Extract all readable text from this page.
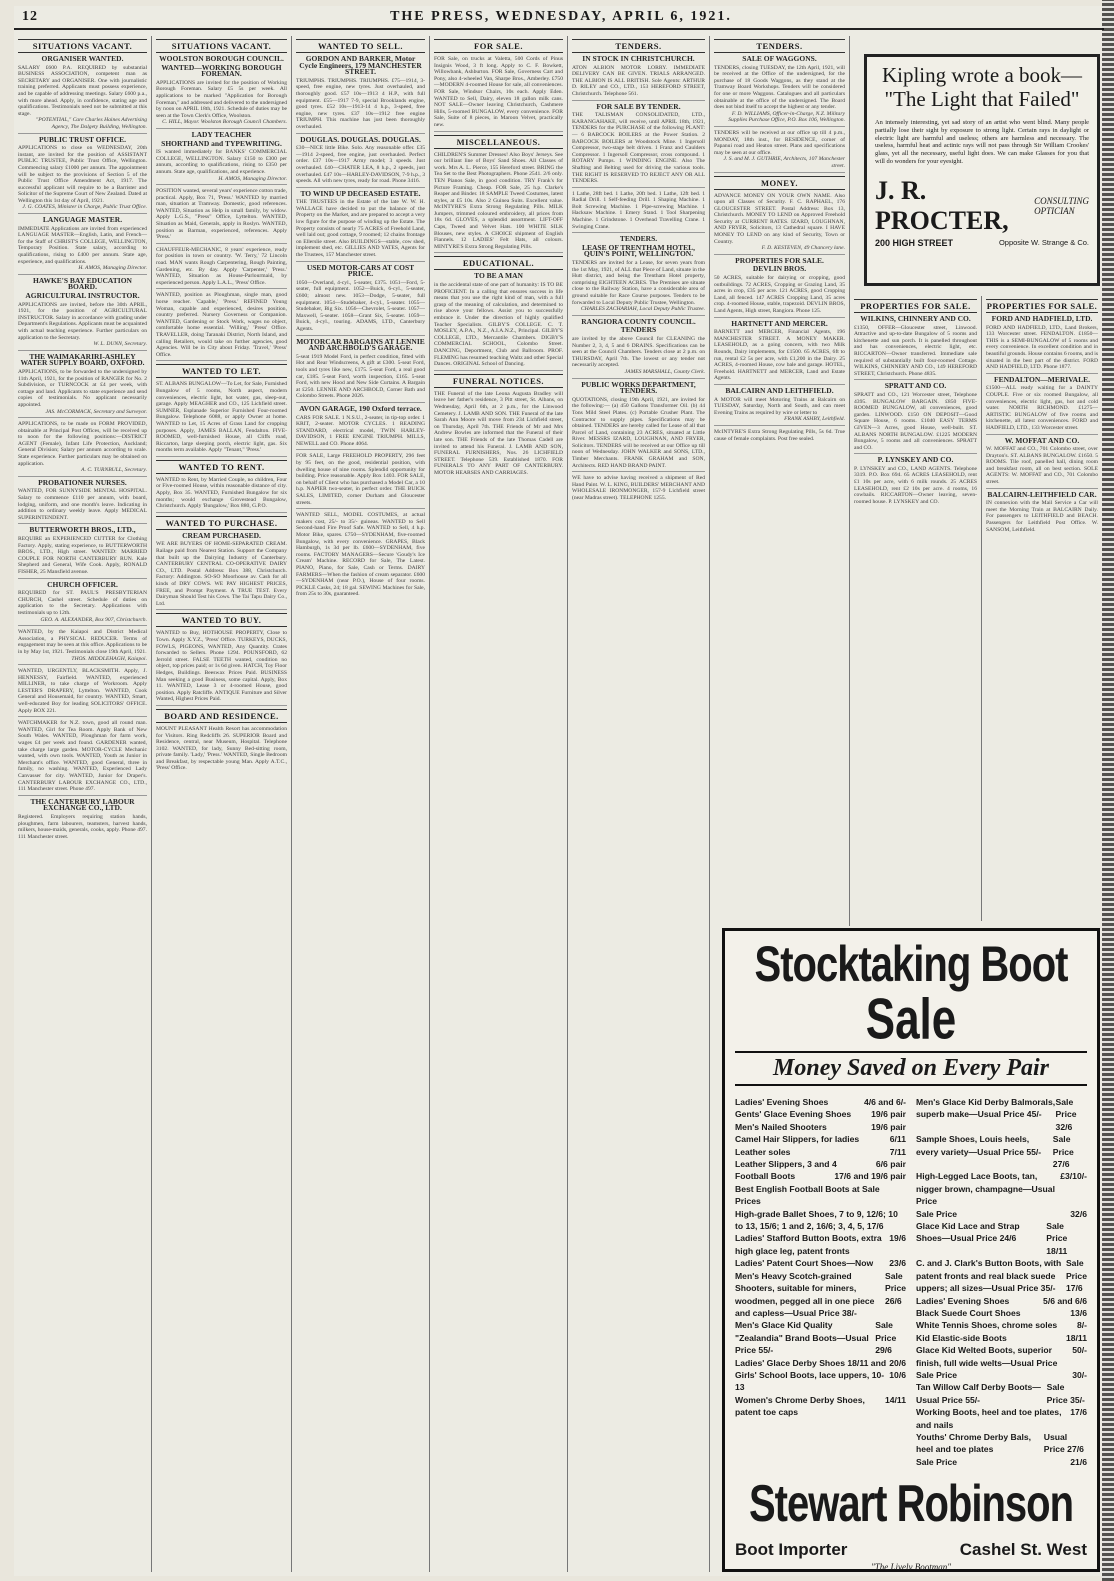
12	THE PRESS, WEDNESDAY, APRIL 6, 1921.
SITUATIONS VACANT.
ORGANISER WANTED.
SALARY £600 P.A. REQUIRED by substantial BUSINESS ASSOCIATION, competent man as SECRETARY and ORGANISER. One with journalistic training preferred. Applicants must possess experience, and be capable of addressing meetings. Salary £600 p.a., with more ahead. Apply, in confidence, stating age and qualifications. Testimonials need not be submitted at this stage.
"POTENTIAL," Care Charles Haines Advertising Agency, The Dalgety Building, Wellington.
PUBLIC TRUST OFFICE.
APPLICATIONS to close on WEDNESDAY, 20th instant, are invited for the position of ASSISTANT PUBLIC TRUSTEE, Public Trust Office, Wellington. Commencing salary £1000 per annum. The appointment will be subject to the provisions of Section 5 of the Public Trust Office Amendment Act, 1917. The successful applicant will require to be a Barrister and Solicitor of the Supreme Court of New Zealand. Dated at Wellington this 1st day of April, 1921.
J. G. COATES, Minister in Charge, Public Trust Office.
LANGUAGE MASTER.
IMMEDIATE Applications are invited from experienced LANGUAGE MASTER—English, Latin, and French—for the Staff of CHRIST'S COLLEGE, WELLINGTON, Temporary Position. State salary, according to qualifications, rising to £400 per annum. State age, experience, and qualifications.
H. AMOS, Managing Director.
HAWKE'S BAY EDUCATION BOARD.
AGRICULTURAL INSTRUCTOR.
APPLICATIONS are invited, before the 30th APRIL, 1921, for the position of AGRICULTURAL INSTRUCTOR. Salary in accordance with grading under Department's Regulations. Applicants must be acquainted with actual teaching experience. Further particulars on application to the Secretary.
W. L. DUNN, Secretary.
THE WAIMAKARIRI-ASHLEY WATER SUPPLY BOARD, OXFORD.
APPLICATIONS, to be forwarded to the undersigned by 11th April, 1921, for the position of RANGER for No. 2 Subdivision, or TURNCOCK at £4 per week, with cottage and land. Applicants to state experience and send copies of testimonials. No applicant necessarily appointed.
JAS. McCORMACK, Secretary and Surveyor.
APPLICATIONS, to be made on FORM PROVIDED, obtainable at Principal Post Offices, will be received up to noon for the following positions:—DISTRICT AGENT (Female), Infant Life Protection, Auckland; General Division; Salary per annum according to scale. State experience. Further particulars may be obtained on application.
A. C. TURNBULL, Secretary.
PROBATIONER NURSES.
WANTED, FOR SUNNYSIDE MENTAL HOSPITAL. Salary to commence £110 per annum, with board, lodging, uniform, and one month's leave. Indicating in addition to ordinary weekly leave. Apply MEDICAL SUPERINTENDENT.
BUTTERWORTH BROS., LTD.,
REQUIRE an EXPERIENCED CUTTER for Clothing Factory. Apply, stating experience, to BUTTERWORTH BROS., LTD., High street. WANTED: MARRIED COUPLE FOR NORTH CANTERBURY RUN. Kale Shepherd and General, Wife Cook. Apply, RONALD FISHER, 25 Mansfield avenue.
CHURCH OFFICER.
REQUIRED for ST. PAUL'S PRESBYTERIAN CHURCH, Cashel street. Schedule of duties on application to the Secretary. Applications with testimonials up to 12th.
GEO. A. ALEXANDER, Box 907, Christchurch.
WANTED, by the Kaiapoi and District Medical Association, a PHYSICAL REDUCER. Terms of engagement may be seen at this office. Applications to be in by May 1st, 1921. Testimonials close 19th April, 1921.
THOS. MIDDLEHAGH, Kaiapoi.
WANTED, URGENTLY, BLACKSMITH. Apply, J. HENNESSY, Fairfield. WANTED, experienced MILLINER, to take charge of Workroom. Apply LESTER'S DRAPERY, Lyttelton. WANTED, Cook General and Housemaid, for country. WANTED, Smart, well-educated Boy for leading SOLICITORS' OFFICE. Apply BOX 221.
WATCHMAKER for N.Z. town, good all round man. WANTED, Girl for Tea Room. Apply Bank of New South Wales. WANTED, Ploughman for farm work, wages £4 per week and found. GARDENER wanted, take charge large garden. MOTOR-CYCLE Mechanic wanted, with own tools. WANTED, Youth as Junior in Merchant's office. WANTED, good General, three in family, no washing. WANTED, Experienced Lady Canvasser for city. WANTED, Junior for Draper's. CANTERBURY LABOUR EXCHANGE CO., LTD., 111 Manchester street. Phone 497.
THE CANTERBURY LABOUR EXCHANGE CO., LTD.
Registered. Employers requiring station hands, ploughmen, farm labourers, teamsters, harvest hands, milkers, house-maids, generals, cooks, apply. Phone 497. 111 Manchester street.
SITUATIONS VACANT.
WOOLSTON BOROUGH COUNCIL.
WANTED—WORKING BOROUGH FOREMAN.
APPLICATIONS are invited for the position of Working Borough Foreman. Salary £5 5s per week. All applications to be marked "Application for Borough Foreman," and addressed and delivered to the undersigned by noon on APRIL 18th, 1921. Schedule of duties may be seen at the Town Clerk's Office, Woolston.
C. HILL, Mayor. Woolston Borough Council Chambers.
LADY TEACHER
SHORTHAND and TYPEWRITING.
IS wanted immediately for BANKS' COMMERCIAL COLLEGE, WELLINGTON. Salary £150 to £300 per annum, according to qualifications, rising to £350 per annum. State age, qualifications, and experience.
H. AMOS, Managing Director.
POSITION wanted, several years' experience cotton trade, practical. Apply, Box 71, 'Press.' WANTED by married man, situation at Tramway. Domestic, good references. WANTED, Situation as Help in small family, by widow. Apply L.G.S., "Press" Office, Lyttelton. WANTED, Situation as Maid, Generals, apply in Roslyn. WANTED, position as Barman, experienced, references. Apply 'Press.'
CHAUFFEUR-MECHANIC, 8 years' experience, ready for position in town or country. 'W. Terry,' 72 Lincoln road. MAN wants Rough Carpentering, Rough Painting, Gardening, etc. By day. Apply 'Carpenter,' 'Press.' WANTED, Situation as House-Parlourmaid, by experienced person. Apply L.A.L., 'Press' Office.
WANTED, position as Ploughman, single man, good horse reacher. 'Capable,' 'Press.' REFINED Young Woman, capable and experienced, desires position, country preferred. Nursery Governess or Companion. WANTED, Gardening or Stock Work, wages no object, comfortable home essential. 'Willing,' 'Press' Office. TRAVELLER, doing Taranaki District, North Island, and calling Retailers, would take on further agencies, good Agencies. Will be in City about Friday. 'Travel,' 'Press' Office.
WANTED TO LET.
ST. ALBANS BUNGALOW—To Let, for Sale, Furnished Bungalow of 5 rooms, North aspect, modern conveniences, electric light, hot water, gas, sleep-out, garage. Apply MEAGHER and CO., 125 Lichfield street. SUMNER, Esplanade Superior Furnished Four-roomed Bungalow. Telephone 6088, or apply Owner at home. WANTED to Let, 15 Acres of Grass Land for cropping purposes. Apply, JAMES BALLAN, Fendalton. FIVE-ROOMED, well-furnished House, all Cliffs road, Riccarton, large sleeping porch, electric light, gas. Six months term available. Apply "Tenant," 'Press.'
WANTED TO RENT.
WANTED to Rent, by Married Couple, no children, Four or Five-roomed House, within reasonable distance of city. Apply, Box 35. WANTED, Furnished Bungalow for six months; would exchange Grovestead Bungalow, Christchurch. Apply 'Bungalow,' Box 880, G.P.O.
WANTED TO PURCHASE.
CREAM PURCHASED.
WE ARE BUYERS OF HOME-SEPARATED CREAM. Railage paid from Nearest Station. Support the Company that built up the Dairying Industry of Canterbury. CANTERBURY CENTRAL CO-OPERATIVE DAIRY CO., LTD. Postal Address: Box 388, Christchurch. Factory: Addington. SO-SO Moorhouse av. Cash for all kinds of DRY COWS. WE PAY HIGHEST PRICES, FREE, and Prompt Payment. A TRUE TEST. Every Dairyman Should Test his Cows. The Tai Tapu Dairy Co., Ltd.
WANTED TO BUY.
WANTED to Buy, HOTHOUSE PROPERTY, Close to Town. Apply X.Y.Z., 'Press' Office. TURKEYS, DUCKS, FOWLS, PIGEONS, WANTED, Any Quantity. Crates forwarded to Sellers. Phone 1294. POUNSFORD, 62 Jerrold street. FALSE TEETH wanted, condition no object, top prices paid; or 1s 6d given. HATCH, Toy Floor Hedges, Buildings. Beeswax Prices Paid. BUSINESS Man seeking a good Business, some capital. Apply, Box 11. WANTED, Lease 3 or 4-roomed House, good position. Apply Ratcliffe. ANTIQUE Furniture and Silver Wanted, Highest Prices Paid.
BOARD AND RESIDENCE.
MOUNT PLEASANT Health Resort has accommodation for Visitors. Ring Redcliffs 26. SUPERIOR Board and Residence, central, near Museum, Hospital. Telephone 3102. WANTED, for lady, Sunny Bed-sitting room, private family. 'Lady,' 'Press.' WANTED, Single Bedroom and Breakfast, by respectable young Man. Apply A.T.C., 'Press' Office.
WANTED TO SELL.
GORDON AND BARKER, Motor Cycle Engineers, 179 MANCHESTER STREET.
TRIUMPHS. TRIUMPHS. TRIUMPHS. £75—1914, 3-speed, free engine, new tyres. Just overhauled, and thoroughly good. £57 10s—1913 4 H.P., with full equipment. £55—1917 7-9, special Brooklands engine, good tyres. £52 10s—1913-14 4 h.p., 3-speed, free engine, new tyres. £37 10s—1912 free engine TRIUMPH. This machine has just been thoroughly overhauled.
DOUGLAS. DOUGLAS. DOUGLAS.
£30—NICE little Bike. Solo. Any reasonable offer. £35—1914 2-speed, free engine, just overhauled. Perfect order. £37 10s—1917 Army model; 3 speeds. Just overhauled. £40—CHATER LEA, 8 h.p., 2 speeds, just overhauled. £47 10s—HARLEY-DAVIDSON, 7-9 h.p., 3 speeds. All with new tyres, ready for road. Phone 3416.
TO WIND UP DECEASED ESTATE.
THE TRUSTEES in the Estate of the late W. W. H. WALLACE have decided to put the balance of the Property on the Market, and are prepared to accept a very low figure for the purpose of winding up the Estate. The Property consists of nearly 75 ACRES of Freehold Land, well laid out; good cottage, 9 roomed; 12 chains frontage on Ellerslie street. Also BUILDINGS—stable, cow shed, implement shed, etc. GILLIES AND YATES, Agents for the Trustees, 157 Manchester street.
USED MOTOR-CARS AT COST PRICE.
1050—Overland, 4-cyl., 5-seater, £375. 1051—Ford, 5-seater, full equipment. 1052—Buick, 6-cyl., 5-seater, £600; almost new. 1053—Dodge, 5-seater, full equipment. 1054—Studebaker, 4-cyl., 5-seater. 1055—Studebaker, Big Six. 1056—Chevrolet, 5-seater. 1057—Maxwell, 5-seater. 1058—Grant Six, 5-seater. 1059—Buick, 4-cyl., touring. ADAMS, LTD., Canterbury Agents.
MOTORCAR BARGAINS AT LENNIE AND ARCHBOLD'S GARAGE.
5-seat 1919 Model Ford, in perfect condition, fitted with Hot and Rear Windscreens, A gift at £300. 5-seat Ford, tools and tyres like new, £175. 5-seat Ford, a real good car, £185. 5-seat Ford, worth inspection, £165. 5-seat Ford, with new Hood and New Side Curtains. A Bargain at £250. LENNIE AND ARCHBOLD, Corner Bath and Colombo Streets. Phone 2026.
AVON GARAGE, 190 Oxford terrace.
CARS FOR SALE. 1 N.S.U., 2-seater, in tip-top order. 1 KRIT, 2-seater. MOTOR CYCLES. 1 READING STANDARD, electrical model, TWIN HARLEY-DAVIDSON, 1 FREE ENGINE TRIUMPH. MILLS, NEWELL and CO. Phone 4064.
FOR SALE, Large FREEHOLD PROPERTY, 296 feet by 95 feet, on the good, residential position, with dwelling house of nine rooms. Splendid opportunity for building. Price reasonable. Apply Box 1403. FOR SALE, on behalf of Client who has purchased a Model Car, a 10 h.p. NAPIER two-seater, in perfect order. THE BUICK SALES, LIMITED, corner Durham and Gloucester streets.
WANTED SELL, MODEL COSTUMES, at actual makers cost, 25/- to 35/- guineas. WANTED to Sell Second-hand Fire Proof Safe. WANTED to Sell, 4 h.p. Motor Bike, spares. £750—SYDENHAM, five-roomed Bungalow, with every convenience. GRAPES, Black Hamburgh, 1s 3d per lb. £600—SYDENHAM, five rooms. FACTORY MANAGERS—Secure 'Goudy's Ice Cream' Machine. RECORD for Sale, The Latest. PIANO, Piano, for Sale, Cash or Terms. DAIRY FARMERS—When the fashion of cream separator. £600—SYDENHAM (near P.O.), House of four rooms. PICKLE Casks, 24; 18 gal. SEWING Machines for Sale, from 25s to 30s, guaranteed.
FOR SALE.
FOR Sale, on trucks at Valetta, 500 Cords of Pinus Insignis Wood, 3 ft long. Apply to C. F. Bowkett, Willowbank, Ashburton. FOR Sale, Governess Cart and Pony, also 4-wheeled Van, Sharpe Bros., Amberley. £750—MODERN 4-roomed House for sale, all conveniences. FOR Sale, Windsor Chairs, 10s each. Apply Eden. WANTED to Sell, Dairy, eleven 18 gallon milk cans. NOT SALE—Owner leaving Christchurch, Cashmere Hills, 5-roomed BUNGALOW, every convenience. FOR Sale, Suite of 8 pieces, in Maroon Velvet, practically new.
MISCELLANEOUS.
CHILDREN'S Summer Dresses! Also Boys' Jerseys. See our brilliant line of Boys' Sand Shoes. All Classes of work. Mrs A. L. Pierce, 155 Hereford street. BRING the Tea Set to the Best Photographers. Phone 2541. 2/6 only. TEN Pianos Sale, in good condition. TRY Frank's for Picture Framing. Cheap. FOR Sale, 25 h.p. Clarke's Reaper and Binder. 18 SAMPLE Tweed Costumes, latest styles, at £5 10s. Also 2 Guinea Suits. Excellent value. McINTYRE'S Extra Strong Regulating Pills. MILK Jumpers, trimmed coloured embroidery, all prices from 18s 6d. GLOVES, a splendid assortment. LIFT-OFF Caps, Tweed and Velvet Hats. 100 WHITE SILK Blouses, new styles. A CHOICE shipment of English Flannels. 12 LADIES' Felt Hats, all colours. MINTYRE'S Extra Strong Regulating Pills.
EDUCATIONAL.
TO BE A MAN
in the accidental state of one part of humanity: IS TO BE PROFICIENT. In a calling that ensures success in life means that you use the right kind of man, with a full grasp of the meaning of calculation, and determined to rise above your fellows. Assist you to successfully embrace it. Under the direction of highly qualified Teacher Specialists. GILBY'S COLLEGE. C. T. MOSLEY, A.P.A., N.Z., A.I.A.N.Z., Principal. GILBY'S COLLEGE, LTD., Mercantile Chambers. DIGBY'S COMMERCIAL SCHOOL, Colombo Street. DANCING, Deportment, Club and Ballroom. PROF. FLEMING has resumed teaching Waltz and other Special Dances. ORIGINAL School of Dancing.
FUNERAL NOTICES.
THE Funeral of the late Leona Augusta Bradley will leave her father's residence, 3 Pitt street, St. Albans, on Wednesday, April 6th, at 2 p.m., for the Linwood Cemetery. J. LAMB AND SON. THE Funeral of the late Sarah Ann Moore will move from 234 Lichfield street, on Thursday, April 7th. THE Friends of Mr and Mrs Andrew Bowles are informed that the Funeral of their late son. THE Friends of the late Thomas Cadell are invited to attend his Funeral. J. LAMB AND SON, FUNERAL FURNISHERS, Nos. 26 LICHFIELD STREET. Telephone 539. Established 1870. FOR FUNERALS TO ANY PART OF CANTERBURY. MOTOR HEARSES AND CARRIAGES.
TENDERS.
IN STOCK IN CHRISTCHURCH.
ATON ALBION MOTOR LORRY. IMMEDIATE DELIVERY CAN BE GIVEN. TRIALS ARRANGED. THE ALBION IS ALL BRITISH. Sole Agents: ARTHUR D. RILEY and CO., LTD., 153 HEREFORD STREET, Christchurch. Telephone 561.
FOR SALE BY TENDER.
THE TALISMAN CONSOLIDATED, LTD., KARANGAHAKE, will receive, until APRIL 18th, 1921, TENDERS for the PURCHASE of the following PLANT:— 6 BABCOCK BOILERS at the Power Station. 2 BABCOCK BOILERS at Woodstock Mine. 1 Ingersoll Compressor, two-stage belt driven. 1 Franz and Caulders Compressor. 1 Ingersoll Compressor, cross compound. 1 ROTARY Pumps. 1 WINDING ENGINE. Also The Shafting and Belting used for driving the various tools. THE RIGHT IS RESERVED TO REJECT ANY OR ALL TENDERS.
1 Lathe, 28ft bed. 1 Lathe, 20ft bed. 1 Lathe, 12ft bed. 1 Radial Drill. 1 Self-feeding Drill. 1 Shaping Machine. 1 Bolt Screwing Machine. 1 Pipe-screwing Machine. 1 Hacksaw Machine. 1 Emery Stand. 1 Tool Sharpening Machine. 1 Grindstone. 1 Overhead Travelling Crane. 1 Swinging Crane.
TENDERS.
LEASE OF TRENTHAM HOTEL, QUIN'S POINT, WELLINGTON.
TENDERS are invited for a Lease, for seven years from the 1st May, 1921, of ALL that Piece of Land, situate in the Hutt district, and being the Trentham Hotel property, comprising EIGHTEEN ACRES. The Premises are situate close to the Railway Station, have a considerable area of ground suitable for Race Course purposes. Tenders to be forwarded to Local Deputy Public Trustee, Wellington.
CHARLES ZACHARIAH, Local Deputy Public Trustee.
RANGIORA COUNTY COUNCIL.
TENDERS
are invited by the above Council for CLEANING the Number 2, 3, 4, 5 and 6 DRAINS. Specifications can be seen at the Council Chambers. Tenders close at 2 p.m. on THURSDAY, April 7th. The lowest or any tender not necessarily accepted.
JAMES MARSHALL, County Clerk.
PUBLIC WORKS DEPARTMENT, TENDERS.
QUOTATIONS, closing 19th April, 1921, are invited for the following:— (a) 450 Gallons Transformer Oil. (b) 44 Tons Mild Steel Plates. (c) Portable Crusher Plant. The Contractor to supply pipes. Specifications may be obtained. TENDERS are hereby called for Lease of all that Parcel of Land, containing 23 ACRES, situated at Little River. MESSRS IZARD, LOUGHNAN, AND FRYER, Solicitors. TENDERS will be received at our Office up till noon of Wednesday. JOHN WALKER and SONS, LTD., Timber Merchants. FRANK GRAHAM and SON, Architects. RED HAND BRAND PAINT.
WE have to advise having received a shipment of Red Hand Paint. W. L. KING, BUILDERS' MERCHANT AND WHOLESALE IRONMONGER, 157-9 Lichfield street (near Madras street). TELEPHONE 1255.
TENDERS.
SALE OF WAGGONS.
TENDERS, closing TUESDAY, the 12th April, 1921, will be received at the Office of the undersigned, for the purchase of 18 Goods Waggons, as they stand at the Tramway Board Workshops. Tenders will be considered for one or more Waggons. Catalogues and all particulars obtainable at the office of the undersigned. The Board does not bind itself to accept the highest or any tender.
F. D. WILLIAMS, Officer-in-Charge, N.Z. Military Supplies Purchase Office, P.O. Box 106, Wellington.
TENDERS will be received at our office up till 4 p.m., MONDAY, 18th inst., for RESIDENCE, corner of Papanui road and Heaton street. Plans and specifications may be seen at our office.
J. S. and M. J. GUTHRIE, Architects, 107 Manchester street.
MONEY.
ADVANCE MONEY ON YOUR OWN NAME. Also upon all Classes of Security. F. C. RAPHAEL, 176 GLOUCESTER STREET. Postal Address: Box 13, Christchurch. MONEY TO LEND on Approved Freehold Security at CURRENT RATES. IZARD, LOUGHNAN, AND FRYER, Solicitors, 13 Cathedral square. I HAVE MONEY TO LEND on any kind of Security, Town or Country.
F. D. KESTEVEN, 49 Chancery lane.
PROPERTIES FOR SALE.
DEVLIN BROS.
50 ACRES, suitable for dairying or cropping, good outbuildings. 72 ACRES, Cropping or Grazing Land, 35 acres in crop, £35 per acre. 121 ACRES, good Cropping Land, all fenced. 147 ACRES Cropping Land, 35 acres crop. 4-roomed House, stable, trapezoid. DEVLIN BROS, Land Agents, High street, Rangiora. Phone 125.
HARTNETT AND MERCER.
BARNETT and MERCER, Financial Agents, 196 MANCHESTER STREET. A MONEY MAKER. LEASEHOLD, as a going concern, with two Milk Rounds, Dairy implements, for £1500. 65 ACRES, 6ft to run, rental £2 5s per acre, with £1,200 in the Dairy. 25 ACRES, 4-roomed House, cow bale and garage. HOTEL, Freehold. HARTNETT and MERCER, Land and Estate Agents.
BALCAIRN AND LEITHFIELD.
A MOTOR will meet Motoring Trains at Balcairn on TUESDAY, Saturday, North and South, and can meet Evening Trains as required by wire or letter to
FRANK ASHBY, Leithfield.
McINTYRE'S Extra Strong Regulating Pills, 5s 6d. True cause of female complaints. Post free sealed.
PROPERTIES FOR SALE.
WILKINS, CHINNERY AND CO.
£1350, OFFER—Gloucester street, Linwood. Attractive and up-to-date Bungalow of 5 rooms and kitchenette and sun porch. It is panelled throughout and has conveniences, electric light, etc. RICCARTON—Owner transferred. Immediate sale required of substantially built four-roomed Cottage. WILKINS, CHINNERY AND CO., 149 HEREFORD STREET, Christchurch. Phone 4835.
SPRATT AND CO.
SPRATT and CO., 121 Worcester street, Telephone 4395. BUNGALOW BARGAIN. £850 FIVE-ROOMED BUNGALOW, all conveniences, good garden. LINWOOD. £150 ON DEPOSIT—Good Square House, 6 rooms. £1040 EASY TERMS GIVEN—3 Acres, good House, well-built. ST. ALBANS NORTH BUNGALOW. £1225 MODERN Bungalow, 5 rooms and all conveniences. SPRATT and CO.
P. LYNSKEY AND CO.
P. LYNSKEY and CO., LAND AGENTS. Telephone 3319. P.O. Box 694. 65 ACRES LEASEHOLD, rent £1 10s per acre, with 6 milk rounds. 25 ACRES LEASEHOLD, rent £2 10s per acre. 4 rooms, 16 cowbails. RICCARTON—Owner leaving, seven-roomed house. P. LYNSKEY and CO.
PROPERTIES FOR SALE.
FORD AND HADFIELD, LTD.
FORD AND HADFIELD, LTD., Land Brokers, 133 Worcester street. FENDALTON. £1850—THIS is a SEMI-BUNGALOW of 5 rooms and every convenience. In excellent condition and in beautiful grounds. House contains 6 rooms, and is situated in the best part of the district. FORD AND HADFIELD, LTD. Phone 1877.
FENDALTON—MERIVALE.
£1500—ALL ready waiting for a DAINTY COUPLE. Five or six roomed Bungalow, all conveniences, electric light, gas, hot and cold water. NORTH RICHMOND. £1275—ARTISTIC BUNGALOW of five rooms and kitchenette, all latest conveniences. FORD and HADFIELD, LTD., 133 Worcester street.
W. MOFFAT AND CO.
W. MOFFAT and CO., 701 Colombo street, over Drayton's. ST. ALBANS BUNGALOW. £1650. 5 ROOMS. Tile roof, panelled hall, dining room and breakfast room, all on best section. SOLE AGENTS: W. MOFFAT and CO., 701 Colombo street.
BALCAIRN-LEITHFIELD CAR.
IN connexion with the Mail Service a Car will meet the Morning Train at BALCAIRN Daily. For passengers to LEITHFIELD and BEACH. Passengers for Leithfield Post Office. W. SANSOM, Leithfield.
Kipling wrote a book—
"The Light that Failed"
An intensely interesting, yet sad story of an artist who went blind. Many people partially lose their sight by exposure to strong light. Certain rays in daylight or electric light are harmful and useless; others are harmless and necessary. The useless, harmful heat and actinic rays will not pass through Sir William Crookes' glass, yet all the necessary, useful light does. We can make Glasses for you that will do wonders for your eyesight.
J. R. PROCTER,
CONSULTING
OPTICIAN
200 HIGH STREET	Opposite W. Strange & Co.
Stocktaking Boot
Sale
Money Saved on Every Pair
Ladies' Evening Shoes	4/6 and 6/-
Gents' Glace Evening Shoes 19/6 pair
Men's Nailed Shooters	19/6 pair
Camel Hair Slippers, for ladies	6/11
Leather soles	7/11
Leather Slippers, 3 and 4	6/6 pair
Football Boots	17/6 and 19/6 pair
Best English Football Boots at Sale Prices
High-grade Ballet Shoes, 7 to 9, 12/6; 10 to 13, 15/6; 1 and 2, 16/6; 3, 4, 5, 17/6
Ladies' Stafford Button Boots, extra high glace leg, patent fronts
19/6
Ladies' Patent Court Shoes—Now 23/6
Men's Heavy Scotch-grained Shooters, suitable for miners, woodmen, pegged all in one piece and capless—Usual Price 38/-
Sale Price 26/6
Men's Glace Kid Quality "Zealandia" Brand Boots—Usual Price 55/-
Sale Price 29/6
Ladies' Glace Derby Shoes 18/11 and 20/6
Girls' School Boots, lace uppers, 10-13
10/6
Women's Chrome Derby Shoes, patent toe caps
14/11
Men's Glace Kid Derby Balmorals, superb make—Usual Price 45/-
Sale Price 32/6
Sample Shoes, Louis heels, every variety—Usual Price 55/-
Sale Price 27/6
High-Legged Lace Boots, tan, nigger brown, champagne—Usual Price
£3/10/-
Sale Price	32/6
Glace Kid Lace and Strap Shoes—Usual Price 24/6
Sale Price 18/11
C. and J. Clark's Button Boots, with patent fronts and real black suede uppers; all sizes—Usual Price 35/-
Sale Price 17/6
Ladies' Evening Shoes	5/6 and 6/6
Black Suede Court Shoes	13/6
White Tennis Shoes, chrome soles 8/-
Kid Elastic-side Boots	18/11
Glace Kid Welted Boots, superior finish, full wide welts—Usual Price
50/-
Sale Price	30/-
Tan Willow Calf Derby Boots—Usual Price 55/-
Sale Price 35/-
Working Boots, heel and toe plates, and nails
17/6
Youths' Chrome Derby Bals, heel and toe plates
Usual Price 27/6
Sale Price	21/6
Stewart Robinson
Boot Importer	Cashel St. West
"The Lively Bootman"
